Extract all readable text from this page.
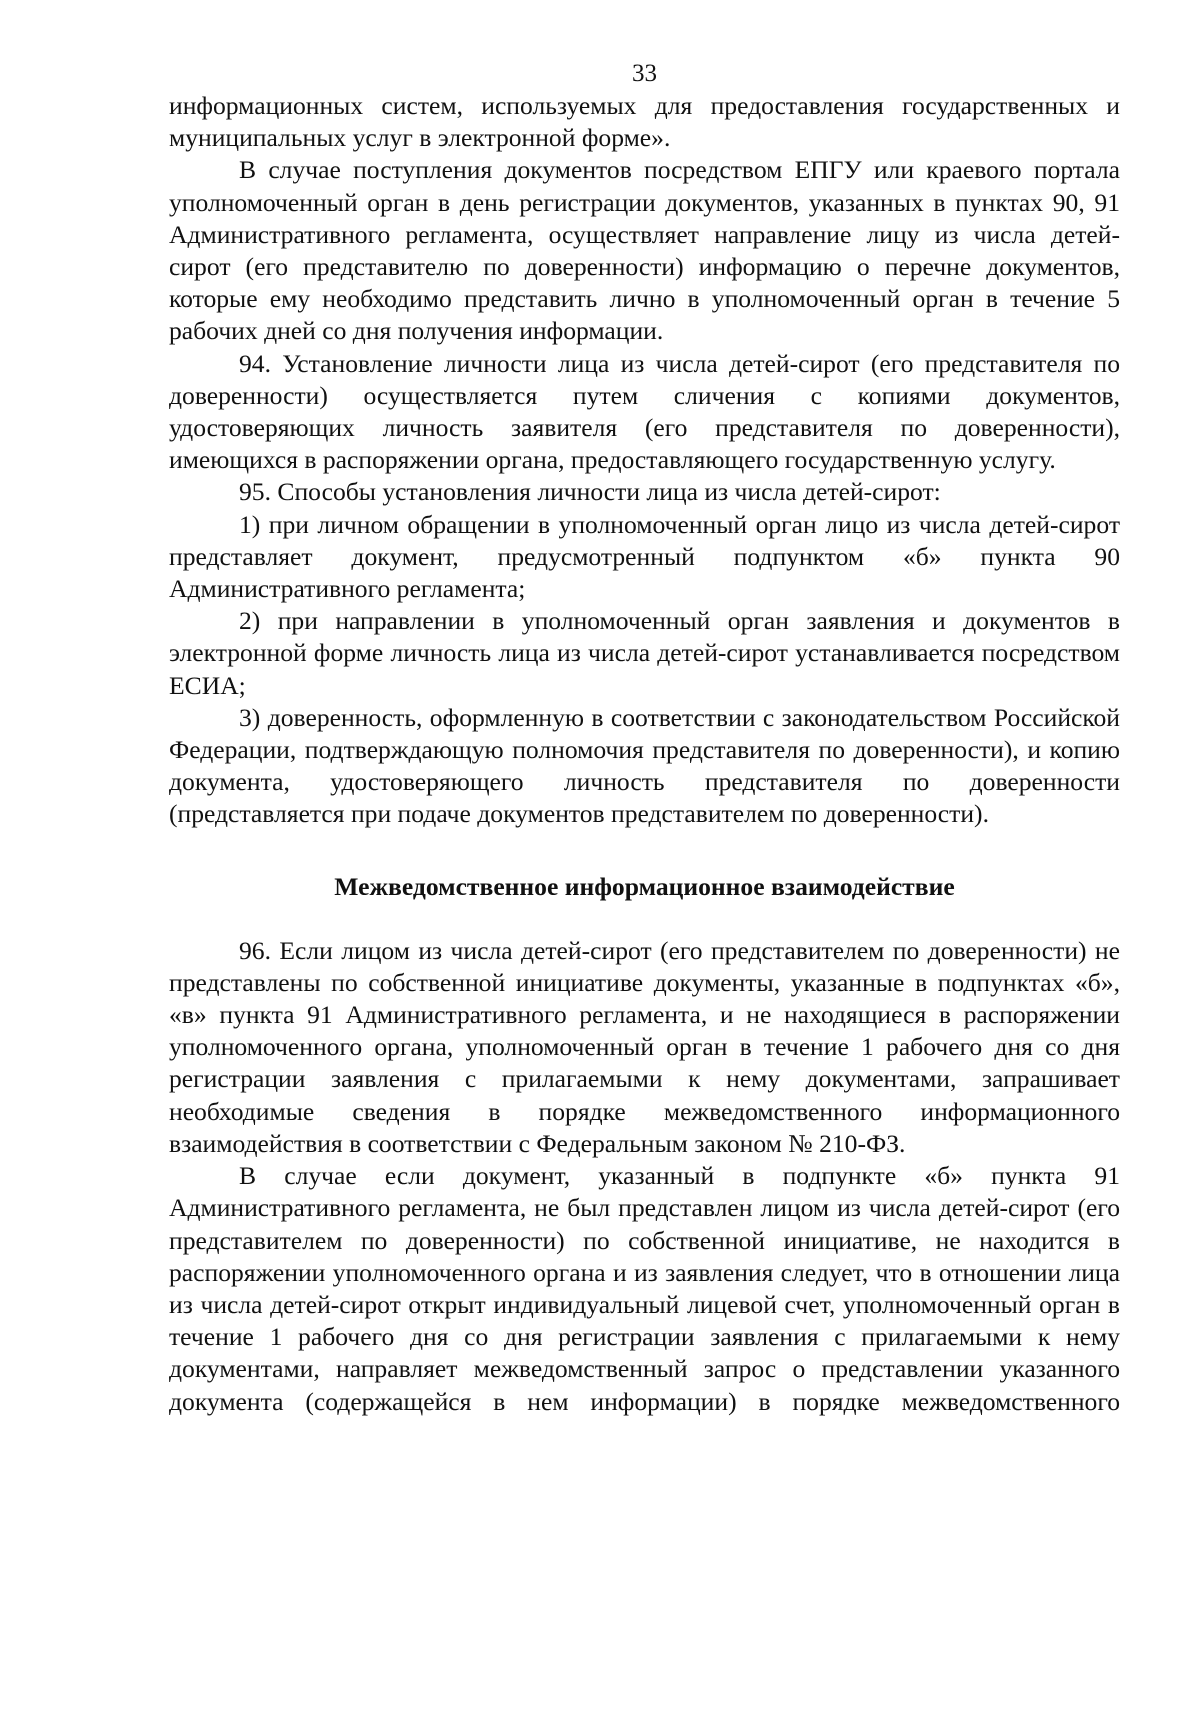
33

информационных систем, используемых для предоставления государственных и муниципальных услуг в электронной форме».

В случае поступления документов посредством ЕПГУ или краевого портала уполномоченный орган в день регистрации документов, указанных в пунктах 90, 91 Административного регламента, осуществляет направление лицу из числа детей-сирот (его представителю по доверенности) информацию о перечне документов, которые ему необходимо представить лично в уполномоченный орган в течение 5 рабочих дней со дня получения информации.

94. Установление личности лица из числа детей-сирот (его представителя по доверенности) осуществляется путем сличения с копиями документов, удостоверяющих личность заявителя (его представителя по доверенности), имеющихся в распоряжении органа, предоставляющего государственную услугу.

95. Способы установления личности лица из числа детей-сирот:

1) при личном обращении в уполномоченный орган лицо из числа детей-сирот представляет документ, предусмотренный подпунктом «б» пункта 90 Административного регламента;

2) при направлении в уполномоченный орган заявления и документов в электронной форме личность лица из числа детей-сирот устанавливается посредством ЕСИА;

3) доверенность, оформленную в соответствии с законодательством Российской Федерации, подтверждающую полномочия представителя по доверенности), и копию документа, удостоверяющего личность представителя по доверенности (представляется при подаче документов представителем по доверенности).

Межведомственное информационное взаимодействие

96. Если лицом из числа детей-сирот (его представителем по доверенности) не представлены по собственной инициативе документы, указанные в подпунктах «б», «в» пункта 91 Административного регламента, и не находящиеся в распоряжении уполномоченного органа, уполномоченный орган в течение 1 рабочего дня со дня регистрации заявления с прилагаемыми к нему документами, запрашивает необходимые сведения в порядке межведомственного информационного взаимодействия в соответствии с Федеральным законом № 210-ФЗ.

В случае если документ, указанный в подпункте «б» пункта 91 Административного регламента, не был представлен лицом из числа детей-сирот (его представителем по доверенности) по собственной инициативе, не находится в распоряжении уполномоченного органа и из заявления следует, что в отношении лица из числа детей-сирот открыт индивидуальный лицевой счет, уполномоченный орган в течение 1 рабочего дня со дня регистрации заявления с прилагаемыми к нему документами, направляет межведомственный запрос о представлении указанного документа (содержащейся в нем информации) в порядке межведомственного
